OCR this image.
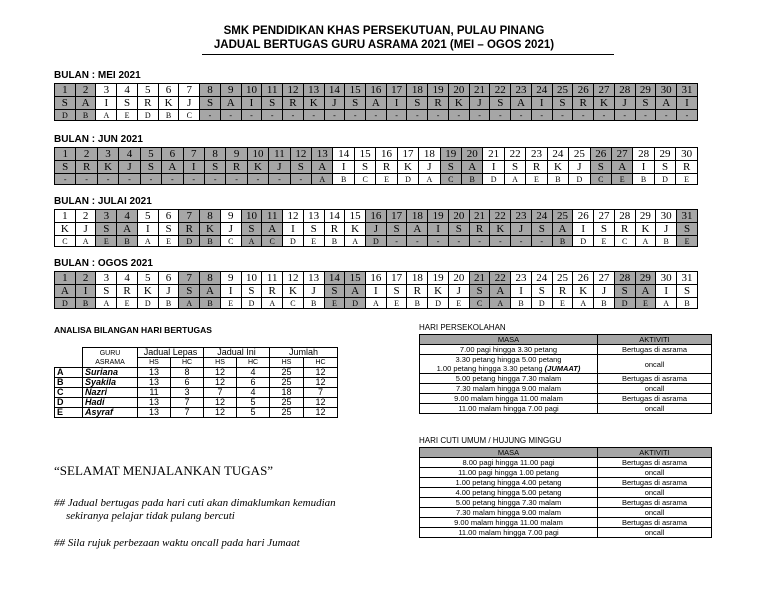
SMK PENDIDIKAN KHAS PERSEKUTUAN, PULAU PINANG
JADUAL BERTUGAS GURU ASRAMA 2021 (MEI – OGOS 2021)
BULAN : MEI 2021
1	2	3	4	5	6	7	8	9	10	11	12	13	14	15	16	17	18	19	20	21	22	23	24	25	26	27	28	29	30	31
S	A	I	S	R	K	J	S	A	I	S	R	K	J	S	A	I	S	R	K	J	S	A	I	S	R	K	J	S	A	I
D	B	A	E	D	B	C	-	-	-	-	-	-	-	-	-	-	-	-	-	-	-	-	-	-	-	-	-	-	-	-
BULAN : JUN 2021
1	2	3	4	5	6	7	8	9	10	11	12	13	14	15	16	17	18	19	20	21	22	23	24	25	26	27	28	29	30
S	R	K	J	S	A	I	S	R	K	J	S	A	I	S	R	K	J	S	A	I	S	R	K	J	S	A	I	S	R
-	-	-	-	-	-	-	-	-	-	-	-	A	B	C	E	D	A	C	B	D	A	E	B	D	C	E	B	D	E
BULAN : JULAI 2021
1	2	3	4	5	6	7	8	9	10	11	12	13	14	15	16	17	18	19	20	21	22	23	24	25	26	27	28	29	30	31
K	J	S	A	I	S	R	K	J	S	A	I	S	R	K	J	S	A	I	S	R	K	J	S	A	I	S	R	K	J	S
C	A	E	B	A	E	D	B	C	A	C	D	E	B	A	D	-	-	-	-	-	-	-	-	B	D	E	C	A	B	E
BULAN : OGOS 2021
1	2	3	4	5	6	7	8	9	10	11	12	13	14	15	16	17	18	19	20	21	22	23	24	25	26	27	28	29	30	31
A	I	S	R	K	J	S	A	I	S	R	K	J	S	A	I	S	R	K	J	S	A	I	S	R	K	J	S	A	I	S
D	B	A	E	D	B	A	B	E	D	A	C	B	E	D	A	E	B	D	E	C	A	B	D	E	A	B	D	E	A	B
ANALISA BILANGAN HARI BERTUGAS

	GURU
ASRAMA	Jadual Lepas		Jadual Ini		Jumlah	
		HS	HC	HS	HC	HS	HC
A	Suriana	13	8	12	4	25	12
B	Syakila	13	6	12	6	25	12
C	Nazri	11	3	7	4	18	7
D	Hadi	13	7	12	5	25	12
E	Asyraf	13	7	12	5	25	12
“SELAMAT MENJALANKAN TUGAS”
## Jadual bertugas pada hari cuti akan dimaklumkan kemudian
sekiranya pelajar tidak pulang bercuti
## Sila rujuk perbezaan waktu oncall pada hari Jumaat
HARI PERSEKOLAHAN
MASA	AKTIVITI

7.00 pagi hingga 3.30 petang	Bertugas di asrama

3.30 petang hingga 5.00 petang
1.00 petang hingga 3.30 petang (JUMAAT)	oncall

5.00 petang hingga 7.30 malam	Bertugas di asrama

7.30 malam hingga 9.00 malam	oncall

9.00 malam hingga 11.00 malam	Bertugas di asrama

11.00 malam hingga 7.00 pagi	oncall
HARI CUTI UMUM / HUJUNG MINGGU
MASA	AKTIVITI

8.00 pagi hingga 11.00 pagi	Bertugas di asrama

11.00 pagi hingga 1.00 petang	oncall

1.00 petang hingga 4.00 petang	Bertugas di asrama

4.00 petang hingga 5.00 petang	oncall

5.00 petang hingga 7.30 malam	Bertugas di asrama

7.30 malam hingga 9.00 malam	oncall

9.00 malam hingga 11.00 malam	Bertugas di asrama

11.00 malam hingga 7.00 pagi	oncall
